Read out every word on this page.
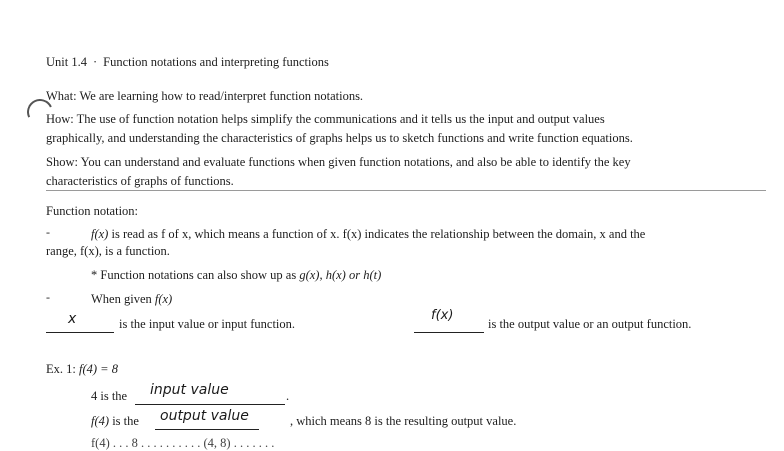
Unit 1.4 · Function notations and interpreting functions
What: We are learning how to read/interpret function notations.
How: The use of function notation helps simplify the communications and it tells us the input and output values
graphically, and understanding the characteristics of graphs helps us to sketch functions and write function equations.
Show: You can understand and evaluate functions when given function notations, and also be able to identify the key
characteristics of graphs of functions.
Function notation:
-	f(x) is read as f of x, which means a function of x. f(x) indicates the relationship between the domain, x and the
range, f(x), is a function.
* Function notations can also show up as g(x), h(x) or h(t)
-	When given f(x)
x	is the input value or input function.
f(x)
is the output value or an output function.
Ex. 1: f(4) = 8
4 is the input value	.
f(4) is the output value	, which means 8 is the resulting output value.
f(4) . . . 8 . . . . . . . . . . (4, 8) . . . . . . .
